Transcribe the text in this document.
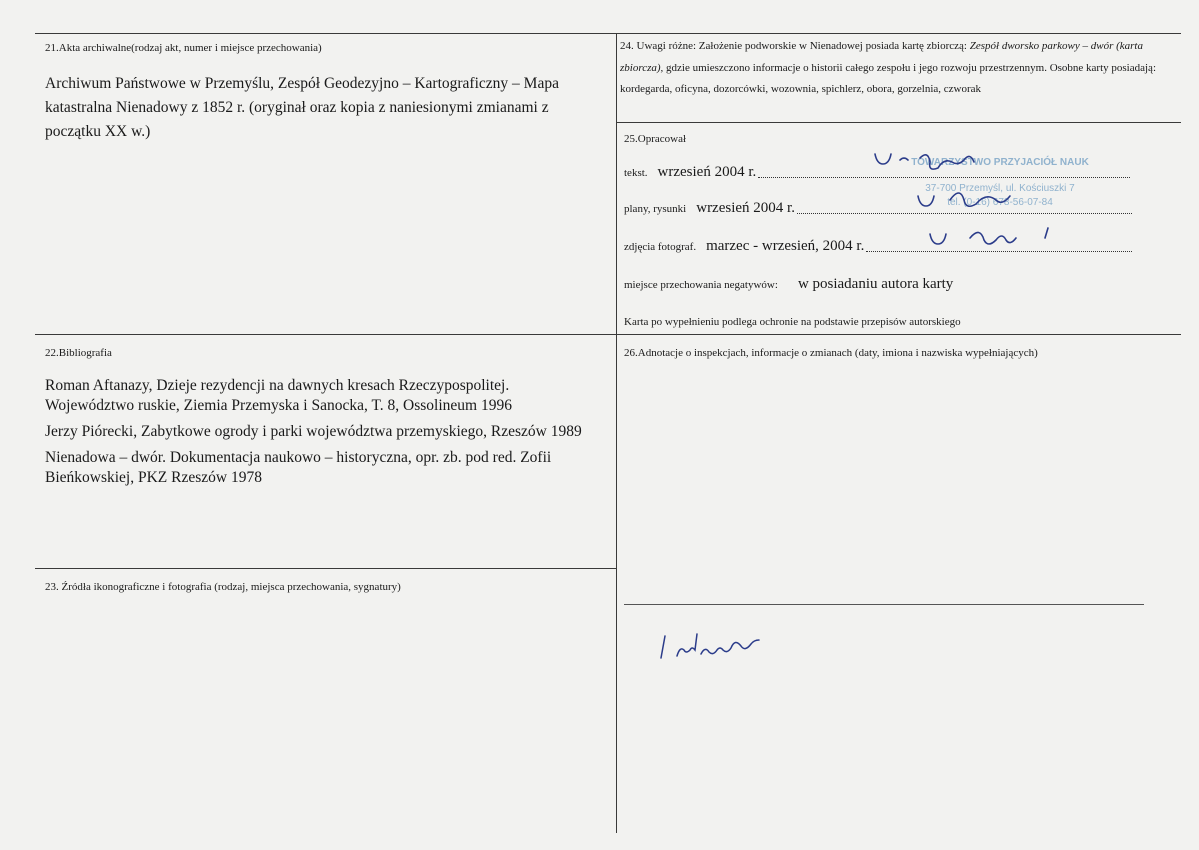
21.Akta archiwalne(rodzaj akt, numer i miejsce przechowania)
Archiwum Państwowe w Przemyślu, Zespół Geodezyjno – Kartograficzny – Mapa katastralna Nienadowy z 1852 r. (oryginał oraz kopia z naniesionymi zmianami z początku XX w.)
22.Bibliografia

Roman Aftanazy, Dzieje rezydencji na dawnych kresach Rzeczypospolitej. Województwo ruskie, Ziemia Przemyska i Sanocka, T. 8, Ossolineum 1996

Jerzy Piórecki, Zabytkowe ogrody i parki województwa przemyskiego, Rzeszów 1989

Nienadowa – dwór. Dokumentacja naukowo – historyczna, opr. zb. pod red. Zofii Bieńkowskiej, PKZ Rzeszów 1978

23. Źródła ikonograficzne i fotografia (rodzaj, miejsca przechowania, sygnatury)
24. Uwagi różne: Założenie podworskie w Nienadowej posiada kartę zbiorczą: Zespół dworsko parkowy – dwór (karta zbiorcza), gdzie umieszczono informacje o historii całego zespołu i jego rozwoju przestrzennym. Osobne karty posiadają: kordegarda, oficyna, dozorcówki, wozownia, spichlerz, obora, gorzelnia, czworak
25.Opracował
tekst. wrzesień 2004 r.
plany, rysunki wrzesień 2004 r.
zdjęcia fotograf. marzec - wrzesień, 2004 r.
miejsce przechowania negatywów: w posiadaniu autora karty
Karta po wypełnieniu podlega ochronie na podstawie przepisów autorskiego
TOWARZYSTWO PRZYJACIÓŁ NAUK
37-700 Przemyśl, ul. Kościuszki 7
tel. (0-16) 678-56-07-84
26.Adnotacje o inspekcjach, informacje o zmianach (daty, imiona i nazwiska wypełniających)
